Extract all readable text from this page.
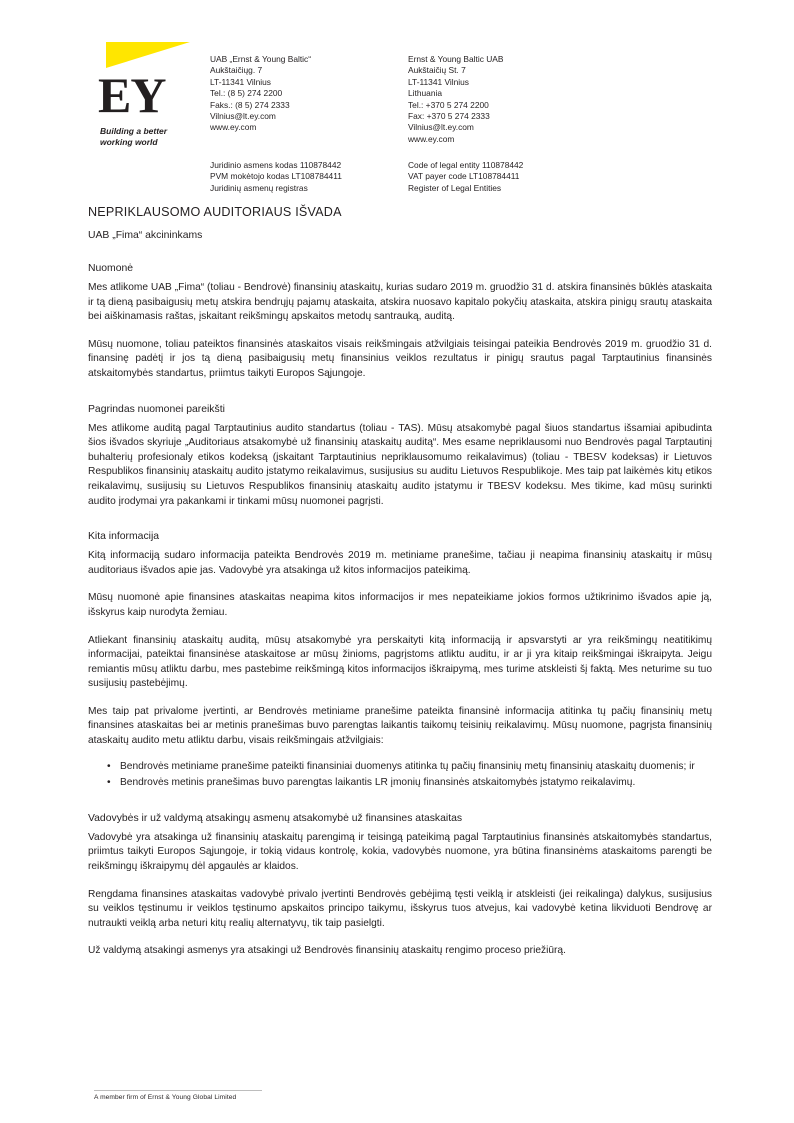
EY
Building a better working world
UAB „Ernst & Young Baltic“
Aukštaičiųg. 7
LT-11341 Vilnius
Tel.: (8 5) 274 2200
Faks.: (8 5) 274 2333
Vilnius@lt.ey.com
www.ey.com
Ernst & Young Baltic UAB
Aukštaičių St. 7
LT-11341 Vilnius
Lithuania
Tel.: +370 5 274 2200
Fax: +370 5 274 2333
Vilnius@lt.ey.com
www.ey.com
Juridinio asmens kodas 110878442
PVM mokėtojo kodas LT108784411
Juridinių asmenų registras
Code of legal entity 110878442
VAT payer code LT108784411
Register of Legal Entities
NEPRIKLAUSOMO AUDITORIAUS IŠVADA
UAB „Fima“ akcininkams
Nuomonė

Mes atlikome UAB „Fima“ (toliau - Bendrovė) finansinių ataskaitų, kurias sudaro 2019 m. gruodžio 31 d. atskira finansinės būklės ataskaita ir tą dieną pasibaigusių metų atskira bendrųjų pajamų ataskaita, atskira nuosavo kapitalo pokyčių ataskaita, atskira pinigų srautų ataskaita bei aiškinamasis raštas, įskaitant reikšmingų apskaitos metodų santrauką, auditą.

Mūsų nuomone, toliau pateiktos finansinės ataskaitos visais reikšmingais atžvilgiais teisingai pateikia Bendrovės 2019 m. gruodžio 31 d. finansinę padėtį ir jos tą dieną pasibaigusių metų finansinius veiklos rezultatus ir pinigų srautus pagal Tarptautinius finansinės atskaitomybės standartus, priimtus taikyti Europos Sąjungoje.

Pagrindas nuomonei pareikšti

Mes atlikome auditą pagal Tarptautinius audito standartus (toliau - TAS). Mūsų atsakomybė pagal šiuos standartus išsamiai apibudinta šios išvados skyriuje „Auditoriaus atsakomybė už finansinių ataskaitų auditą“. Mes esame nepriklausomi nuo Bendrovės pagal Tarptautinį buhalterių profesionaly etikos kodeksą (įskaitant Tarptautinius nepriklausomumo reikalavimus) (toliau - TBESV kodeksas) ir Lietuvos Respublikos finansinių ataskaitų audito įstatymo reikalavimus, susijusius su auditu Lietuvos Respublikoje. Mes taip pat laikėmės kitų etikos reikalavimų, susijusių su Lietuvos Respublikos finansinių ataskaitų audito įstatymu ir TBESV kodeksu. Mes tikime, kad mūsų surinkti audito įrodymai yra pakankami ir tinkami mūsų nuomonei pagrįsti.

Kita informacija

Kitą informaciją sudaro informacija pateikta Bendrovės 2019 m. metiniame pranešime, tačiau ji neapima finansinių ataskaitų ir mūsų auditoriaus išvados apie jas. Vadovybė yra atsakinga už kitos informacijos pateikimą.

Mūsų nuomonė apie finansines ataskaitas neapima kitos informacijos ir mes nepateikiame jokios formos užtikrinimo išvados apie ją, išskyrus kaip nurodyta žemiau.

Atliekant finansinių ataskaitų auditą, mūsų atsakomybė yra perskaityti kitą informaciją ir apsvarstyti ar yra reikšmingų neatitikimų informacijai, pateiktai finansinėse ataskaitose ar mūsų žinioms, pagrįstoms atliktu auditu, ir ar ji yra kitaip reikšmingai iškraipyta. Jeigu remiantis mūsų atliktu darbu, mes pastebime reikšmingą kitos informacijos iškraipymą, mes turime atskleisti šį faktą. Mes neturime su tuo susijusių pastebėjimų.

Mes taip pat privalome įvertinti, ar Bendrovės metiniame pranešime pateikta finansinė informacija atitinka tų pačių finansinių metų finansines ataskaitas bei ar metinis pranešimas buvo parengtas laikantis taikomų teisinių reikalavimų. Mūsų nuomone, pagrįsta finansinių ataskaitų audito metu atliktu darbu, visais reikšmingais atžvilgiais:

• Bendrovės metiniame pranešime pateikti finansiniai duomenys atitinka tų pačių finansinių metų finansinių ataskaitų duomenis; ir
• Bendrovės metinis pranešimas buvo parengtas laikantis LR įmonių finansinės atskaitomybės įstatymo reikalavimų.
Vadovybės ir už valdymą atsakingų asmenų atsakomybė už finansines ataskaitas

Vadovybė yra atsakinga už finansinių ataskaitų parengimą ir teisingą pateikimą pagal Tarptautinius finansinės atskaitomybės standartus, priimtus taikyti Europos Sąjungoje, ir tokią vidaus kontrolę, kokia, vadovybės nuomone, yra būtina finansinėms ataskaitoms parengti be reikšmingų iškraipymų dėl apgaulės ar klaidos.

Rengdama finansines ataskaitas vadovybė privalo įvertinti Bendrovės gebėjimą tęsti veiklą ir atskleisti (jei reikalinga) dalykus, susijusius su veiklos tęstinumu ir veiklos tęstinumo apskaitos principo taikymu, išskyrus tuos atvejus, kai vadovybė ketina likviduoti Bendrovę ar nutraukti veiklą arba neturi kitų realių alternatyvų, tik taip pasielgti.

Už valdymą atsakingi asmenys yra atsakingi už Bendrovės finansinių ataskaitų rengimo proceso priežiūrą.

A member firm of Ernst & Young Global Limited
